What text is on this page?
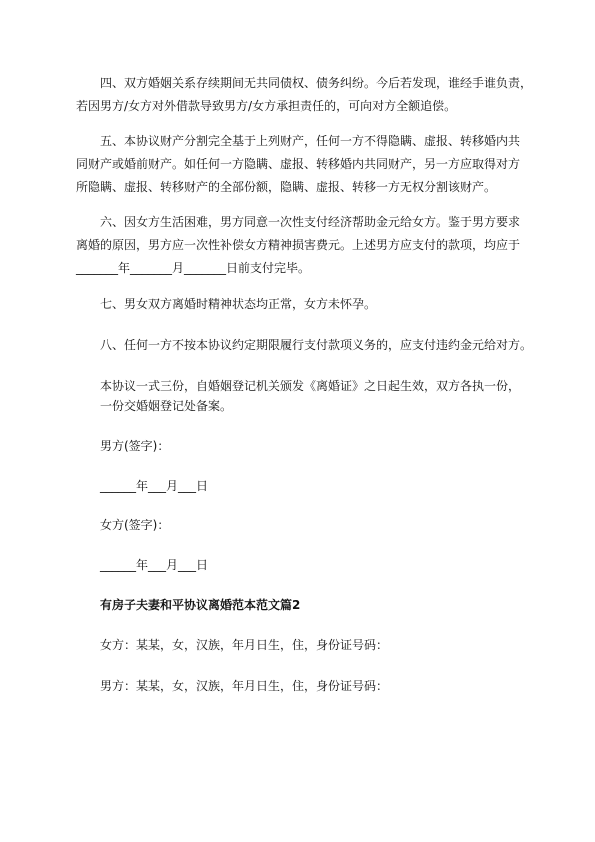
四、双方婚姻关系存续期间无共同债权、债务纠纷。今后若发现，谁经手谁负责，
若因男方/女方对外借款导致男方/女方承担责任的，可向对方全额追偿。
五、本协议财产分割完全基于上列财产，任何一方不得隐瞒、虚报、转移婚内共
同财产或婚前财产。如任何一方隐瞒、虚报、转移婚内共同财产，另一方应取得对方
所隐瞒、虚报、转移财产的全部份额，隐瞒、虚报、转移一方无权分割该财产。
六、因女方生活困难，男方同意一次性支付经济帮助金元给女方。鉴于男方要求
离婚的原因，男方应一次性补偿女方精神损害费元。上述男方应支付的款项，均应于
_______年_______月_______日前支付完毕。
七、男女双方离婚时精神状态均正常，女方未怀孕。
八、任何一方不按本协议约定期限履行支付款项义务的，应支付违约金元给对方。
本协议一式三份，自婚姻登记机关颁发《离婚证》之日起生效，双方各执一份，
一份交婚姻登记处备案。
男方(签字)：
______年___月___日
女方(签字)：
______年___月___日
有房子夫妻和平协议离婚范本范文篇2
女方：某某，女，汉族，年月日生，住，身份证号码：
男方：某某，女，汉族，年月日生，住，身份证号码：
